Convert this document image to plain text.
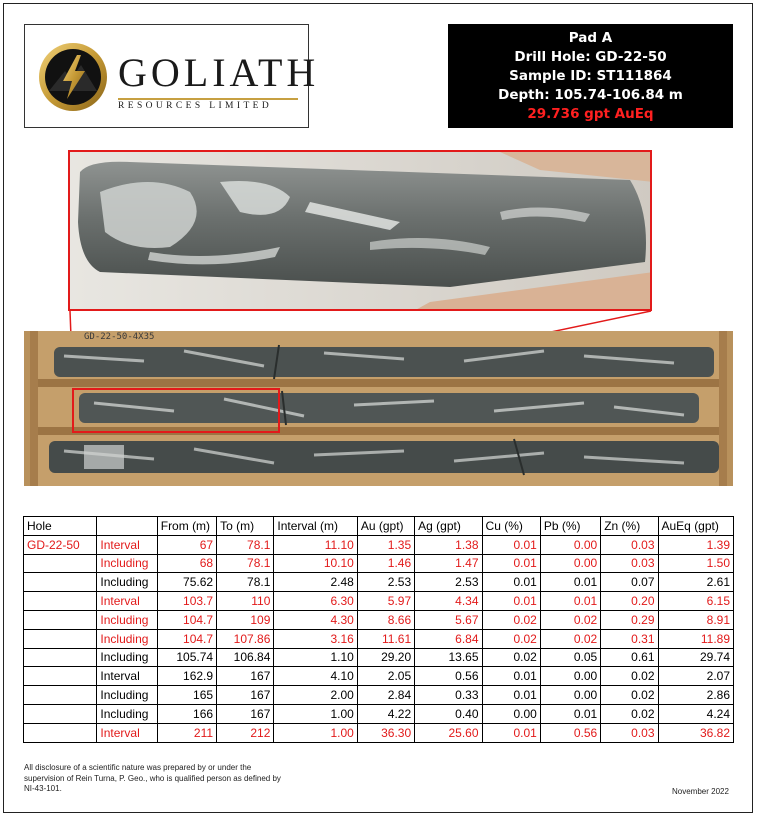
GOLIATH
RESOURCES LIMITED
Pad A
Drill Hole: GD-22-50
Sample ID: ST111864
Depth: 105.74-106.84 m
29.736 gpt AuEq
GD-22-50-4X35
Hole		From (m)	To (m)	Interval (m)	Au (gpt)	Ag (gpt)	Cu (%)	Pb (%)	Zn (%)	AuEq (gpt)
GD-22-50	Interval	67	78.1	11.10	1.35	1.38	0.01	0.00	0.03	1.39
	Including	68	78.1	10.10	1.46	1.47	0.01	0.00	0.03	1.50
	Including	75.62	78.1	2.48	2.53	2.53	0.01	0.01	0.07	2.61
	Interval	103.7	110	6.30	5.97	4.34	0.01	0.01	0.20	6.15
	Including	104.7	109	4.30	8.66	5.67	0.02	0.02	0.29	8.91
	Including	104.7	107.86	3.16	11.61	6.84	0.02	0.02	0.31	11.89
	Including	105.74	106.84	1.10	29.20	13.65	0.02	0.05	0.61	29.74
	Interval	162.9	167	4.10	2.05	0.56	0.01	0.00	0.02	2.07
	Including	165	167	2.00	2.84	0.33	0.01	0.00	0.02	2.86
	Including	166	167	1.00	4.22	0.40	0.00	0.01	0.02	4.24
	Interval	211	212	1.00	36.30	25.60	0.01	0.56	0.03	36.82
All disclosure of a scientific nature was prepared by or under the supervision of Rein Turna, P. Geo., who is qualified person as defined by NI-43-101.	November 2022
